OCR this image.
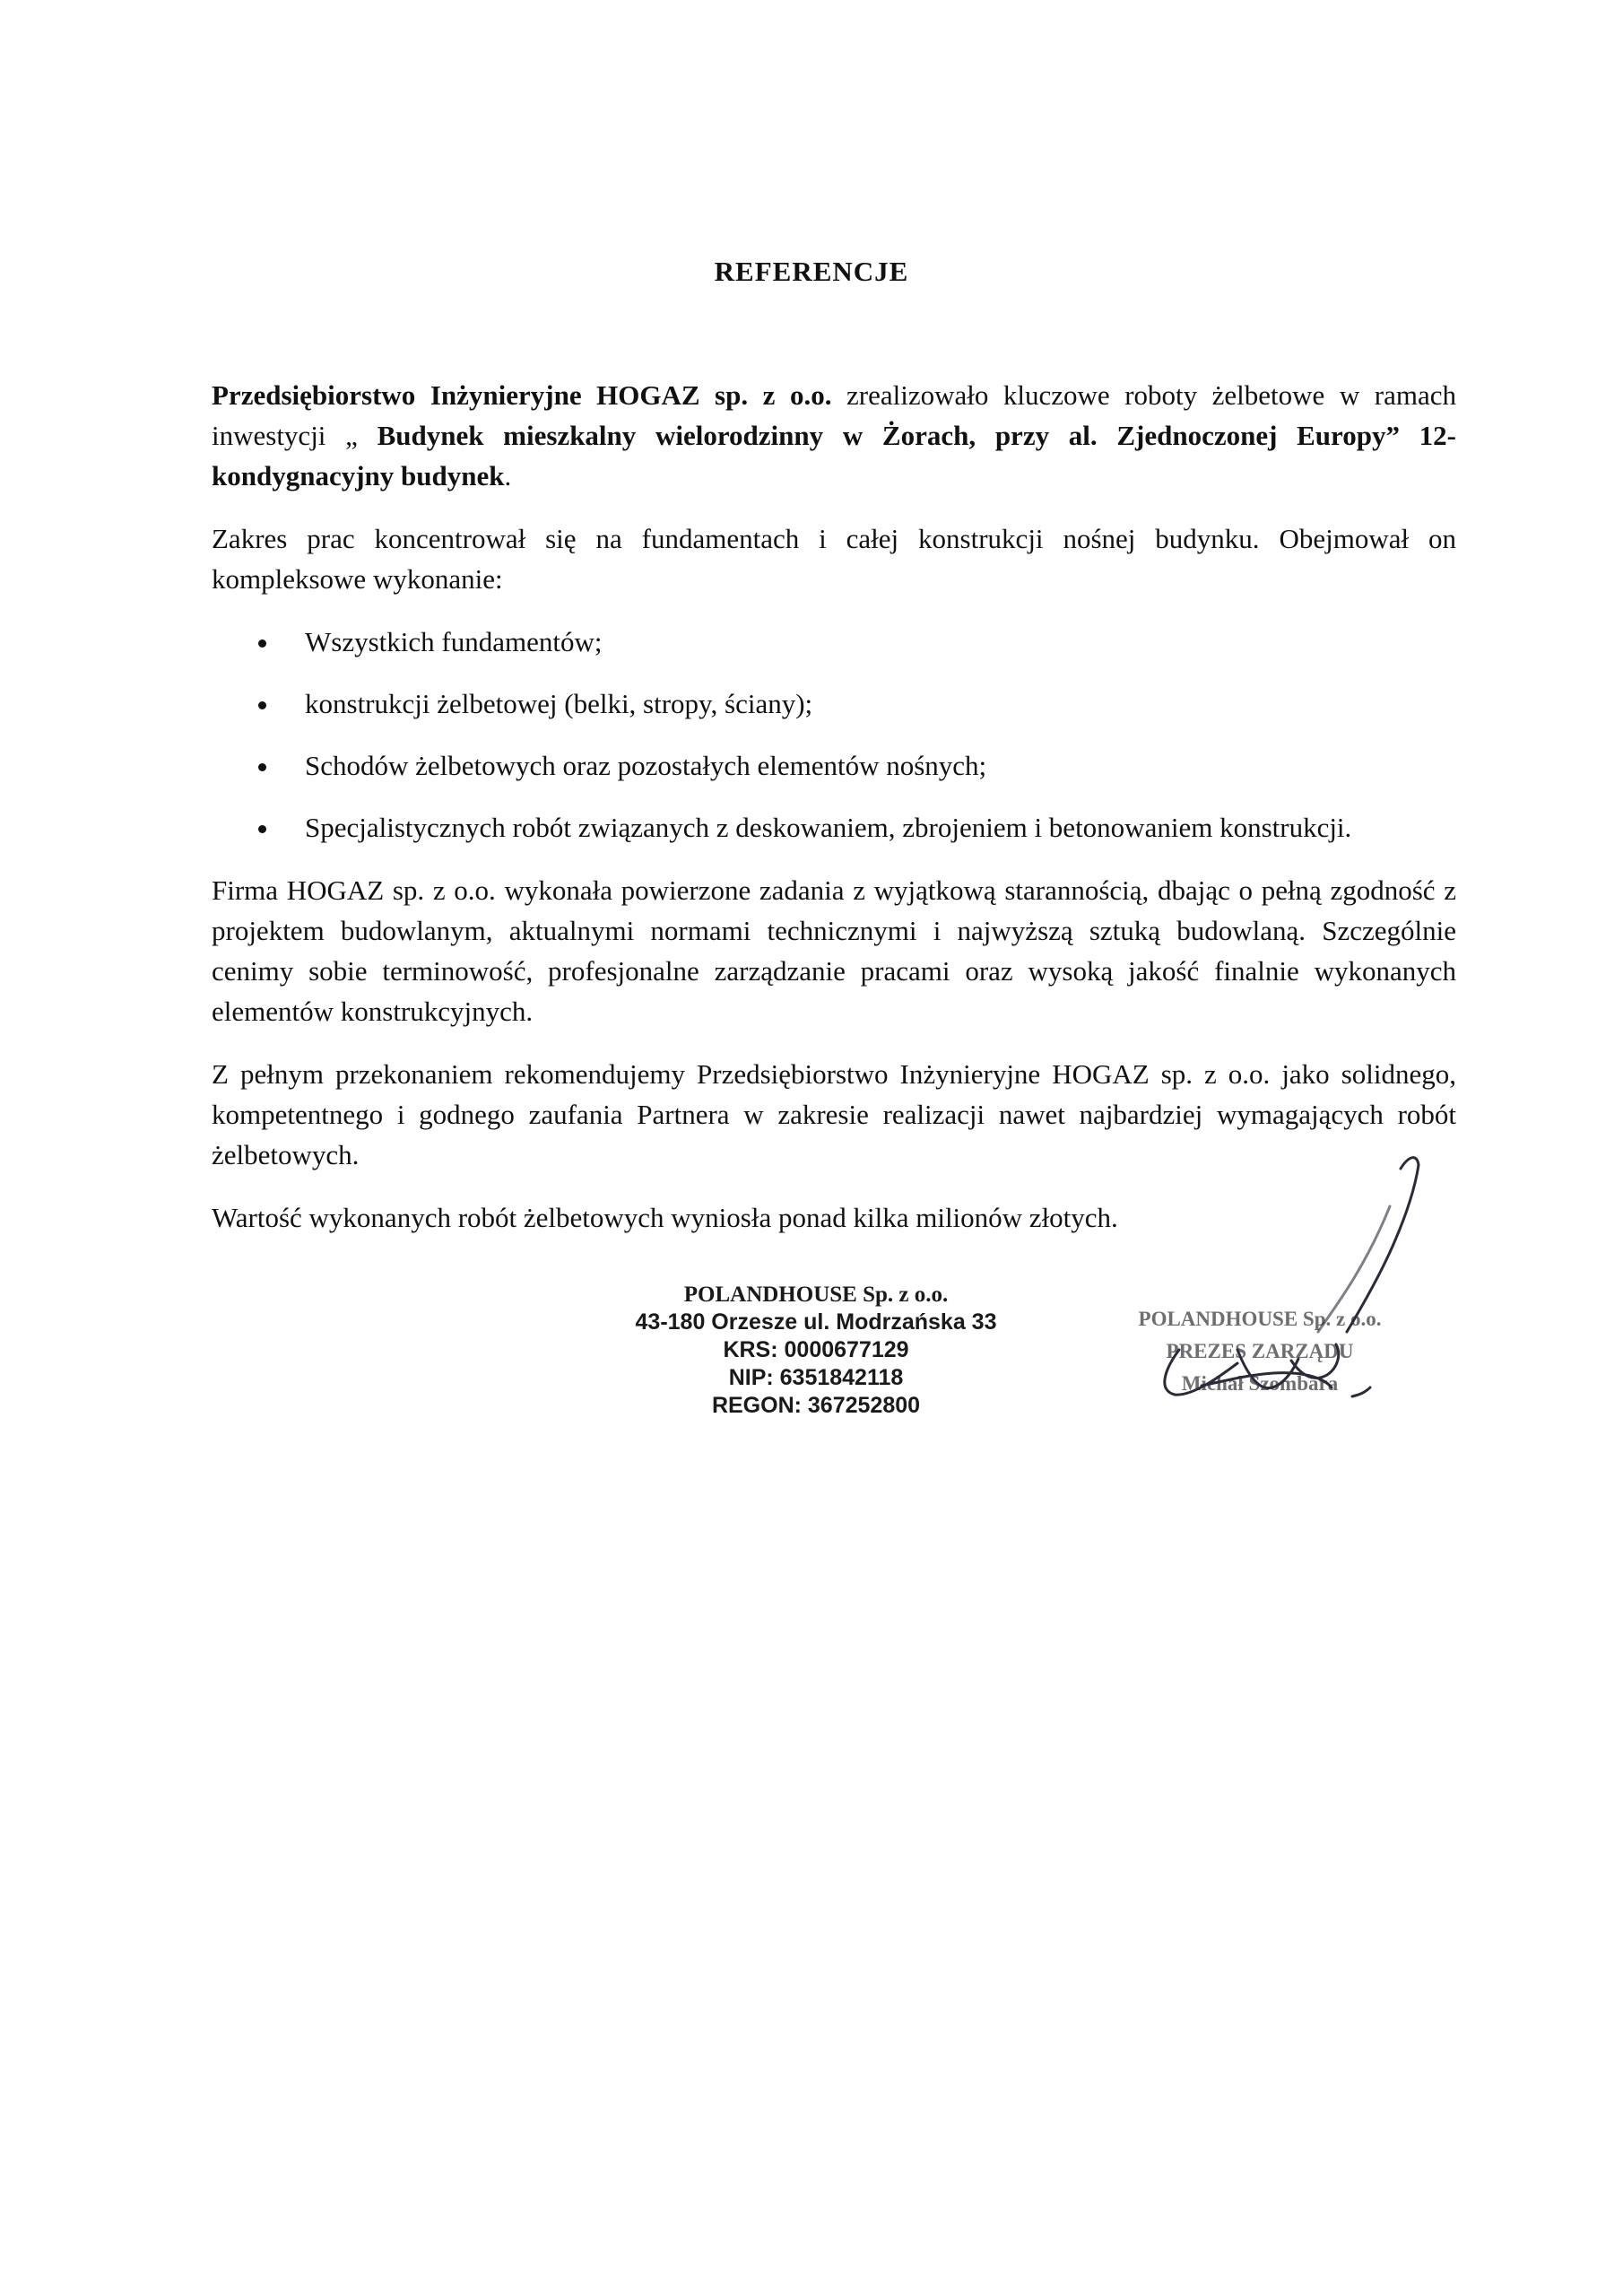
REFERENCJE

Przedsiębiorstwo Inżynieryjne HOGAZ sp. z o.o. zrealizowało kluczowe roboty żelbetowe w ramach inwestycji „ Budynek mieszkalny wielorodzinny w Żorach, przy al. Zjednoczonej Europy” 12-kondygnacyjny budynek.

Zakres prac koncentrował się na fundamentach i całej konstrukcji nośnej budynku. Obejmował on kompleksowe wykonanie:

Wszystkich fundamentów;
konstrukcji żelbetowej (belki, stropy, ściany);
Schodów żelbetowych oraz pozostałych elementów nośnych;
Specjalistycznych robót związanych z deskowaniem, zbrojeniem i betonowaniem konstrukcji.

Firma HOGAZ sp. z o.o. wykonała powierzone zadania z wyjątkową starannością, dbając o pełną zgodność z projektem budowlanym, aktualnymi normami technicznymi i najwyższą sztuką budowlaną. Szczególnie cenimy sobie terminowość, profesjonalne zarządzanie pracami oraz wysoką jakość finalnie wykonanych elementów konstrukcyjnych.

Z pełnym przekonaniem rekomendujemy Przedsiębiorstwo Inżynieryjne HOGAZ sp. z o.o. jako solidnego, kompetentnego i godnego zaufania Partnera w zakresie realizacji nawet najbardziej wymagających robót żelbetowych.

Wartość wykonanych robót żelbetowych wyniosła ponad kilka milionów złotych.

POLANDHOUSE Sp. z o.o.
43-180 Orzesze ul. Modrzańska 33
KRS: 0000677129
NIP: 6351842118
REGON: 367252800
POLANDHOUSE Sp. z o.o.
PREZES ZARZĄDU
Michał Szombara
